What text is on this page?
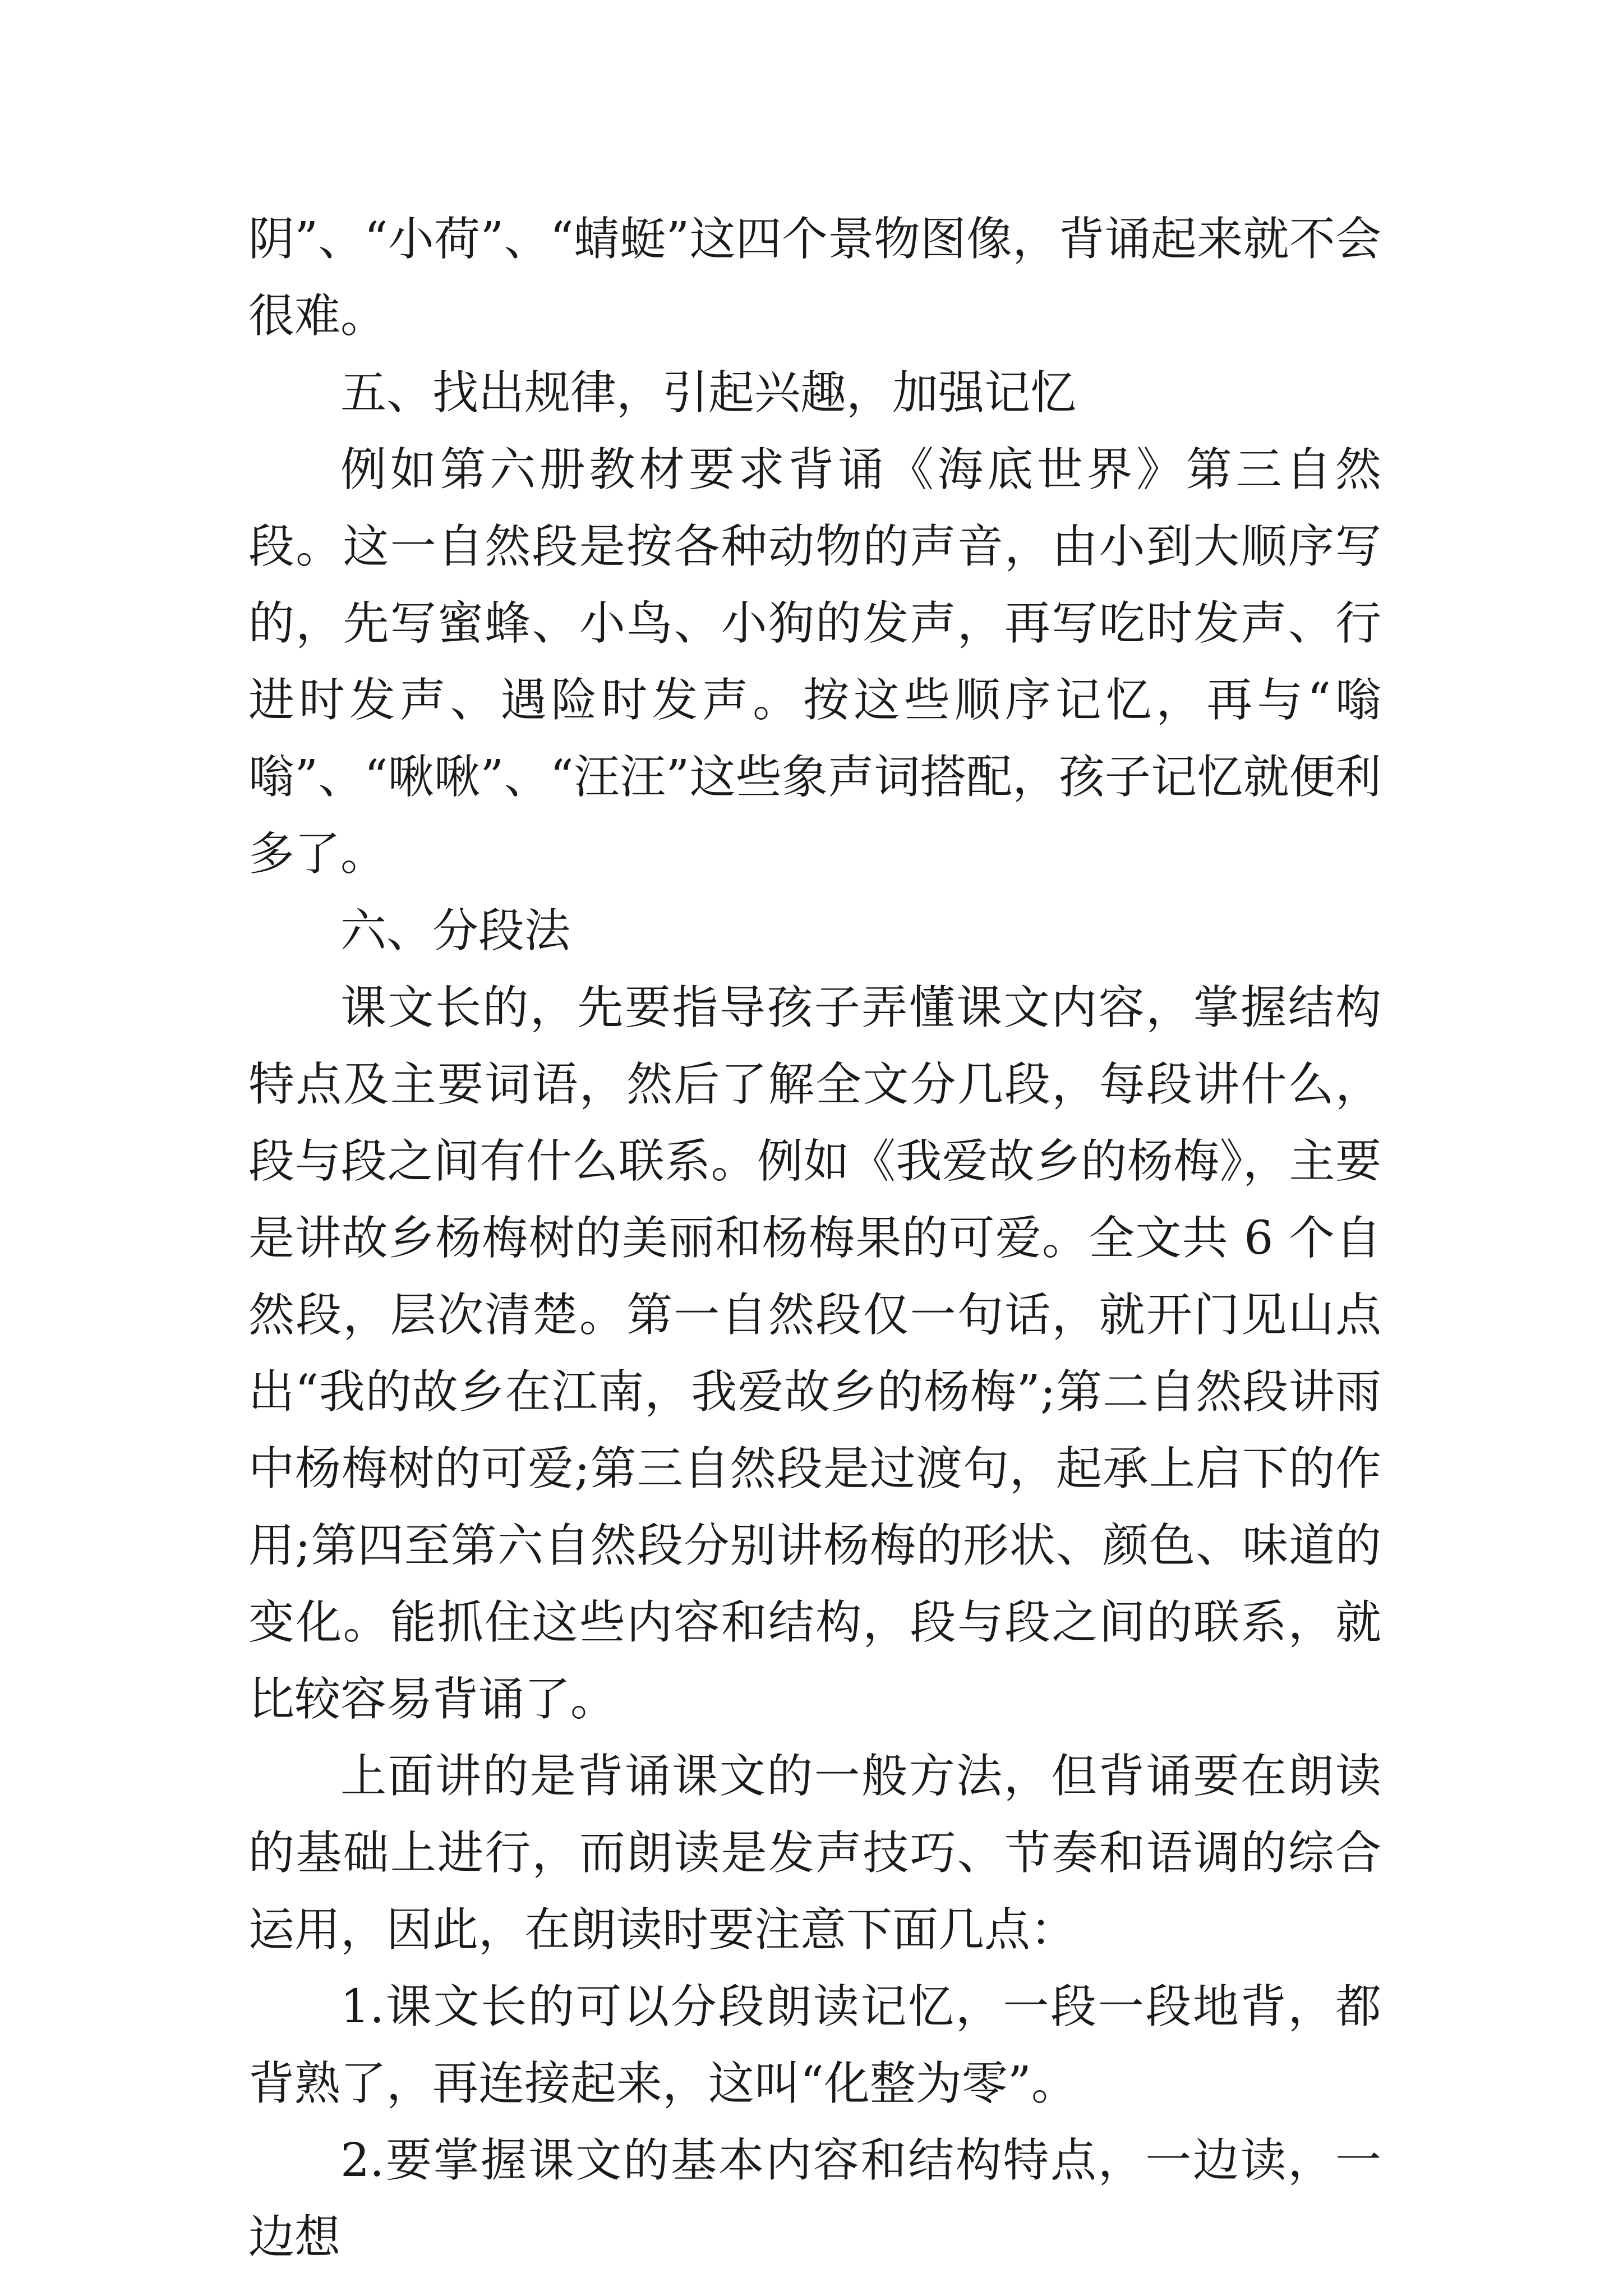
阴”、“小荷”、“蜻蜓”这四个景物图像，背诵起来就不会很难。

五、找出规律，引起兴趣，加强记忆

例如第六册教材要求背诵《海底世界》第三自然段。这一自然段是按各种动物的声音，由小到大顺序写的，先写蜜蜂、小鸟、小狗的发声，再写吃时发声、行进时发声、遇险时发声。按这些顺序记忆，再与“嗡嗡”、“啾啾”、“汪汪”这些象声词搭配，孩子记忆就便利多了。

六、分段法

课文长的，先要指导孩子弄懂课文内容，掌握结构特点及主要词语，然后了解全文分几段，每段讲什么，段与段之间有什么联系。例如《我爱故乡的杨梅》，主要是讲故乡杨梅树的美丽和杨梅果的可爱。全文共 6 个自然段，层次清楚。第一自然段仅一句话，就开门见山点出“我的故乡在江南，我爱故乡的杨梅”;第二自然段讲雨中杨梅树的可爱;第三自然段是过渡句，起承上启下的作用;第四至第六自然段分别讲杨梅的形状、颜色、味道的变化。能抓住这些内容和结构，段与段之间的联系，就比较容易背诵了。

上面讲的是背诵课文的一般方法，但背诵要在朗读的基础上进行，而朗读是发声技巧、节奏和语调的综合运用，因此，在朗读时要注意下面几点：

1.课文长的可以分段朗读记忆，一段一段地背，都背熟了，再连接起来，这叫“化整为零”。

2.要掌握课文的基本内容和结构特点，一边读，一边想
